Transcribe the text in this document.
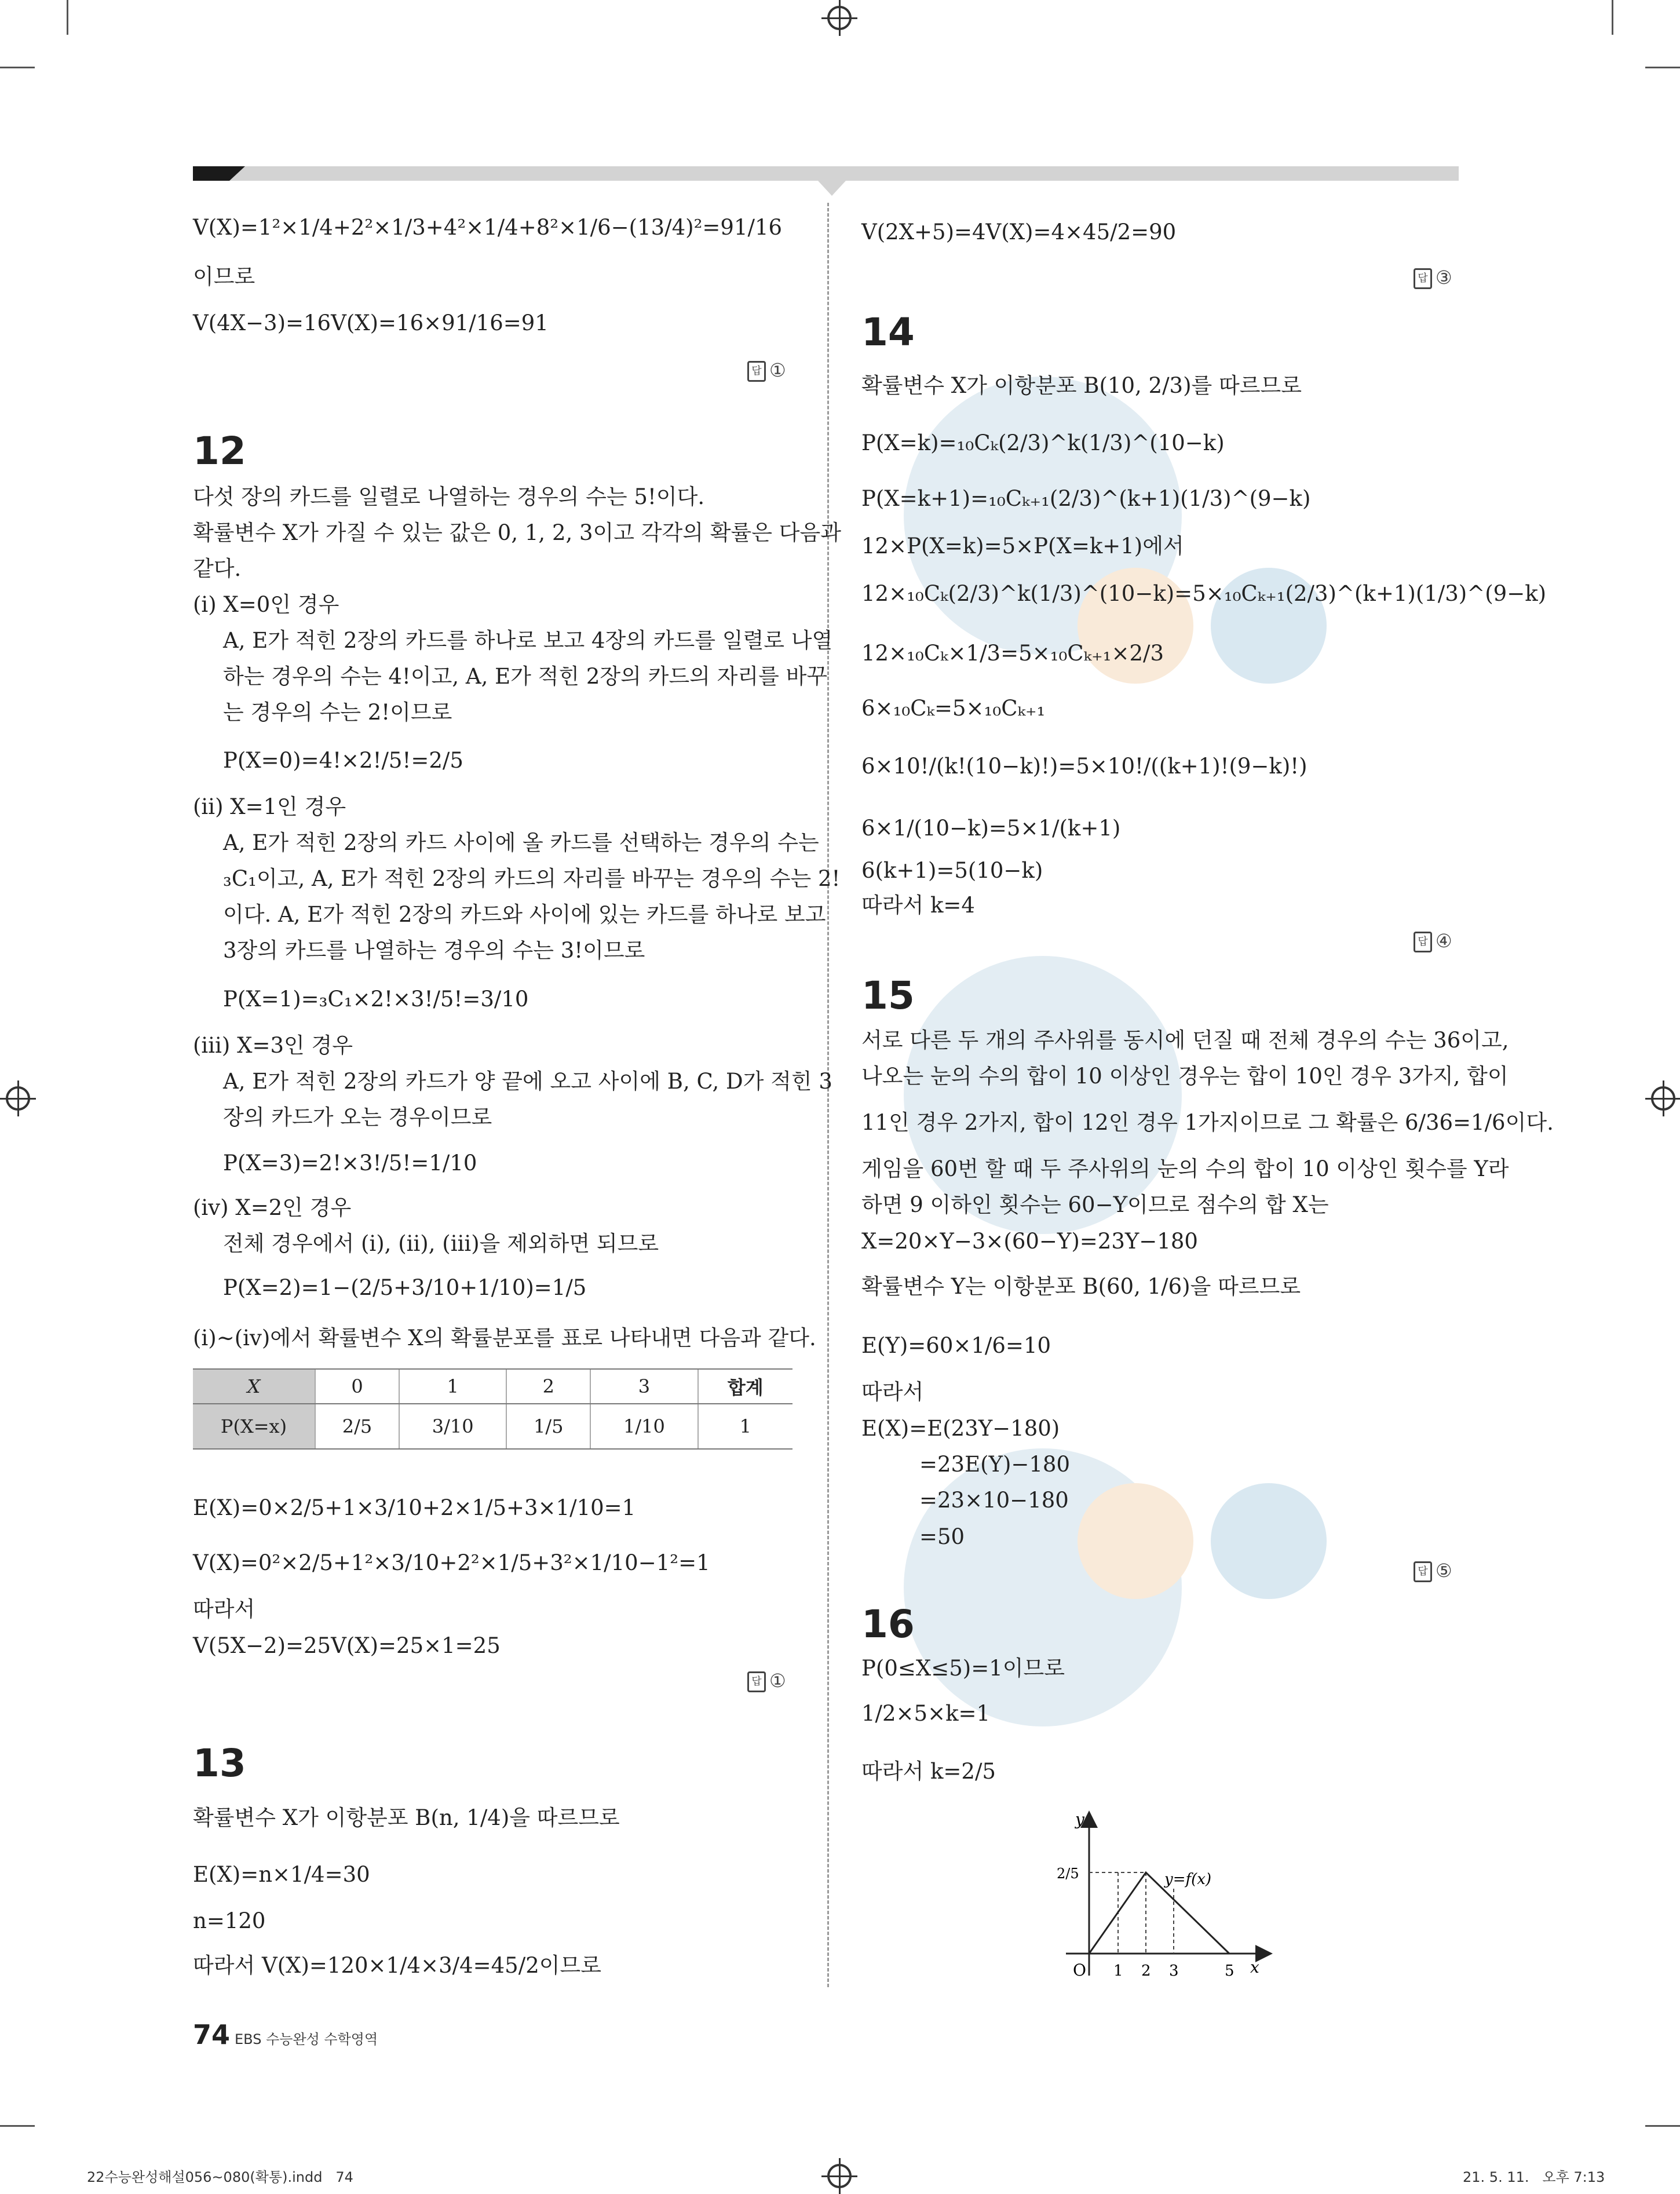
V(X)=1²×1/4+2²×1/3+4²×1/4+8²×1/6−(13/4)²=91/16
이므로
V(4X−3)=16V(X)=16×91/16=91
답 ①
12
다섯 장의 카드를 일렬로 나열하는 경우의 수는 5!이다.
확률변수 X가 가질 수 있는 값은 0, 1, 2, 3이고 각각의 확률은 다음과
같다.
(ⅰ) X=0인 경우
A, E가 적힌 2장의 카드를 하나로 보고 4장의 카드를 일렬로 나열
하는 경우의 수는 4!이고, A, E가 적힌 2장의 카드의 자리를 바꾸
는 경우의 수는 2!이므로
P(X=0)=4!×2!/5!=2/5
(ⅱ) X=1인 경우
A, E가 적힌 2장의 카드 사이에 올 카드를 선택하는 경우의 수는
₃C₁이고, A, E가 적힌 2장의 카드의 자리를 바꾸는 경우의 수는 2!
이다. A, E가 적힌 2장의 카드와 사이에 있는 카드를 하나로 보고
3장의 카드를 나열하는 경우의 수는 3!이므로
P(X=1)=₃C₁×2!×3!/5!=3/10
(ⅲ) X=3인 경우
A, E가 적힌 2장의 카드가 양 끝에 오고 사이에 B, C, D가 적힌 3
장의 카드가 오는 경우이므로
P(X=3)=2!×3!/5!=1/10
(ⅳ) X=2인 경우
전체 경우에서 (ⅰ), (ⅱ), (ⅲ)을 제외하면 되므로
P(X=2)=1−(2/5+3/10+1/10)=1/5
(ⅰ)~(ⅳ)에서 확률변수 X의 확률분포를 표로 나타내면 다음과 같다.
X	0	1	2	3	합계
P(X=x)	2/5	3/10	1/5	1/10	1
E(X)=0×2/5+1×3/10+2×1/5+3×1/10=1
V(X)=0²×2/5+1²×3/10+2²×1/5+3²×1/10−1²=1
따라서
V(5X−2)=25V(X)=25×1=25
답 ①
13
확률변수 X가 이항분포 B(n, 1/4)을 따르므로
E(X)=n×1/4=30
n=120
따라서 V(X)=120×1/4×3/4=45/2이므로
V(2X+5)=4V(X)=4×45/2=90
답 ③
14
확률변수 X가 이항분포 B(10, 2/3)를 따르므로
P(X=k)=₁₀Cₖ(2/3)^k(1/3)^(10−k)
P(X=k+1)=₁₀Cₖ₊₁(2/3)^(k+1)(1/3)^(9−k)
12×P(X=k)=5×P(X=k+1)에서
12×₁₀Cₖ(2/3)^k(1/3)^(10−k)=5×₁₀Cₖ₊₁(2/3)^(k+1)(1/3)^(9−k)
12×₁₀Cₖ×1/3=5×₁₀Cₖ₊₁×2/3
6×₁₀Cₖ=5×₁₀Cₖ₊₁
6×10!/(k!(10−k)!)=5×10!/((k+1)!(9−k)!)
6×1/(10−k)=5×1/(k+1)
6(k+1)=5(10−k)
따라서 k=4
답 ④
15
서로 다른 두 개의 주사위를 동시에 던질 때 전체 경우의 수는 36이고,
나오는 눈의 수의 합이 10 이상인 경우는 합이 10인 경우 3가지, 합이
11인 경우 2가지, 합이 12인 경우 1가지이므로 그 확률은 6/36=1/6이다.
게임을 60번 할 때 두 주사위의 눈의 수의 합이 10 이상인 횟수를 Y라
하면 9 이하인 횟수는 60−Y이므로 점수의 합 X는
X=20×Y−3×(60−Y)=23Y−180
확률변수 Y는 이항분포 B(60, 1/6)을 따르므로
E(Y)=60×1/6=10
따라서
E(X)=E(23Y−180)
=23E(Y)−180
=23×10−180
=50
답 ⑤
16
P(0≤X≤5)=1이므로
1/2×5×k=1
따라서 k=2/5
y
x
O
2/5
1 2 3	5
y=f(x)
74 EBS 수능완성 수학영역
22수능완성해설056~080(확통).indd   74	21. 5. 11.   오후 7:13
